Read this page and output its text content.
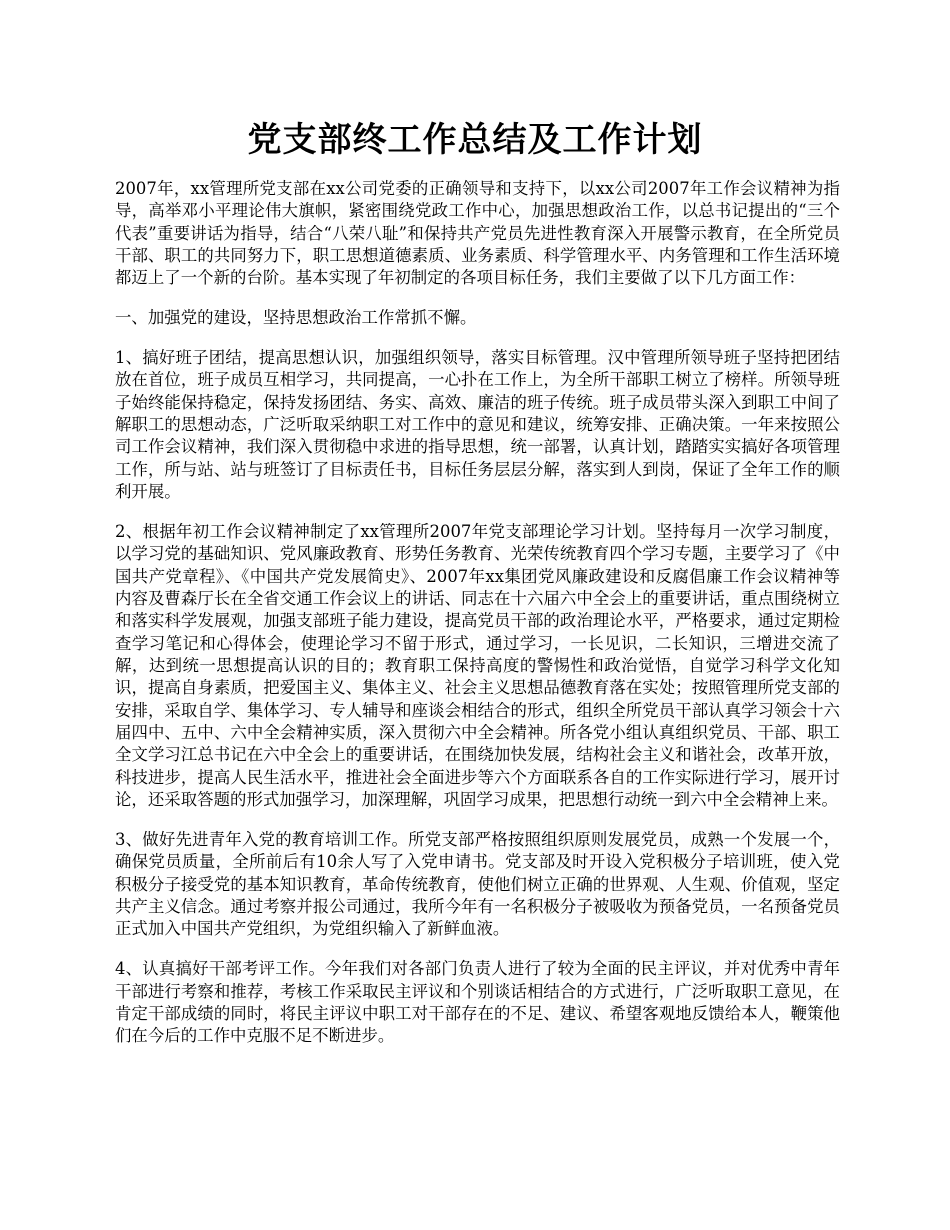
党支部终工作总结及工作计划

2007年，xx管理所党支部在xx公司党委的正确领导和支持下，以xx公司2007年工作会议精神为指导，高举邓小平理论伟大旗帜，紧密围绕党政工作中心，加强思想政治工作，以总书记提出的“三个代表”重要讲话为指导，结合“八荣八耻”和保持共产党员先进性教育深入开展警示教育，在全所党员干部、职工的共同努力下，职工思想道德素质、业务素质、科学管理水平、内务管理和工作生活环境都迈上了一个新的台阶。基本实现了年初制定的各项目标任务，我们主要做了以下几方面工作：

一、加强党的建设，坚持思想政治工作常抓不懈。

1、搞好班子团结，提高思想认识，加强组织领导，落实目标管理。汉中管理所领导班子坚持把团结放在首位，班子成员互相学习，共同提高，一心扑在工作上，为全所干部职工树立了榜样。所领导班子始终能保持稳定，保持发扬团结、务实、高效、廉洁的班子传统。班子成员带头深入到职工中间了解职工的思想动态，广泛听取采纳职工对工作中的意见和建议，统筹安排、正确决策。一年来按照公司工作会议精神，我们深入贯彻稳中求进的指导思想，统一部署，认真计划，踏踏实实搞好各项管理工作，所与站、站与班签订了目标责任书，目标任务层层分解，落实到人到岗，保证了全年工作的顺利开展。

2、根据年初工作会议精神制定了xx管理所2007年党支部理论学习计划。坚持每月一次学习制度，以学习党的基础知识、党风廉政教育、形势任务教育、光荣传统教育四个学习专题，主要学习了《中国共产党章程》、《中国共产党发展简史》、2007年xx集团党风廉政建设和反腐倡廉工作会议精神等内容及曹森厅长在全省交通工作会议上的讲话、同志在十六届六中全会上的重要讲话，重点围绕树立和落实科学发展观，加强支部班子能力建设，提高党员干部的政治理论水平，严格要求，通过定期检查学习笔记和心得体会，使理论学习不留于形式，通过学习，一长见识，二长知识，三增进交流了解，达到统一思想提高认识的目的；教育职工保持高度的警惕性和政治觉悟，自觉学习科学文化知识，提高自身素质，把爱国主义、集体主义、社会主义思想品德教育落在实处；按照管理所党支部的安排，采取自学、集体学习、专人辅导和座谈会相结合的形式，组织全所党员干部认真学习领会十六届四中、五中、六中全会精神实质，深入贯彻六中全会精神。所各党小组认真组织党员、干部、职工全文学习江总书记在六中全会上的重要讲话，在围绕加快发展，结构社会主义和谐社会，改革开放，科技进步，提高人民生活水平，推进社会全面进步等六个方面联系各自的工作实际进行学习，展开讨论，还采取答题的形式加强学习，加深理解，巩固学习成果，把思想行动统一到六中全会精神上来。

3、做好先进青年入党的教育培训工作。所党支部严格按照组织原则发展党员，成熟一个发展一个，确保党员质量，全所前后有10余人写了入党申请书。党支部及时开设入党积极分子培训班，使入党积极分子接受党的基本知识教育，革命传统教育，使他们树立正确的世界观、人生观、价值观，坚定共产主义信念。通过考察并报公司通过，我所今年有一名积极分子被吸收为预备党员，一名预备党员正式加入中国共产党组织，为党组织输入了新鲜血液。

4、认真搞好干部考评工作。今年我们对各部门负责人进行了较为全面的民主评议，并对优秀中青年干部进行考察和推荐，考核工作采取民主评议和个别谈话相结合的方式进行，广泛听取职工意见，在肯定干部成绩的同时，将民主评议中职工对干部存在的不足、建议、希望客观地反馈给本人，鞭策他们在今后的工作中克服不足不断进步。
